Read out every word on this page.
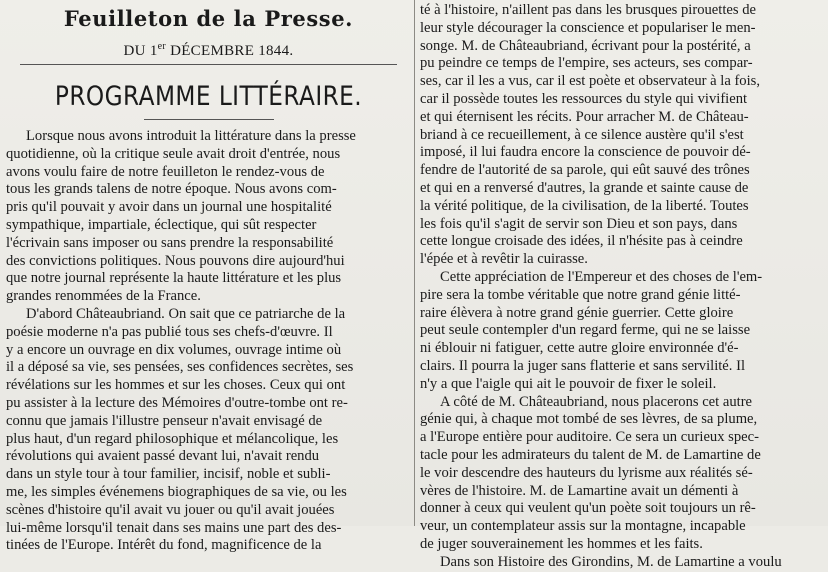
Feuilleton de la Presse.
DU 1er DÉCEMBRE 1844.
PROGRAMME LITTÉRAIRE.
Lorsque nous avons introduit la littérature dans la presse
quotidienne, où la critique seule avait droit d'entrée, nous
avons voulu faire de notre feuilleton le rendez-vous de
tous les grands talens de notre époque. Nous avons com-
pris qu'il pouvait y avoir dans un journal une hospitalité
sympathique, impartiale, éclectique, qui sût respecter
l'écrivain sans imposer ou sans prendre la responsabilité
des convictions politiques. Nous pouvons dire aujourd'hui
que notre journal représente la haute littérature et les plus
grandes renommées de la France.
D'abord Châteaubriand. On sait que ce patriarche de la
poésie moderne n'a pas publié tous ses chefs-d'œuvre. Il
y a encore un ouvrage en dix volumes, ouvrage intime où
il a déposé sa vie, ses pensées, ses confidences secrètes, ses
révélations sur les hommes et sur les choses. Ceux qui ont
pu assister à la lecture des Mémoires d'outre-tombe ont re-
connu que jamais l'illustre penseur n'avait envisagé de
plus haut, d'un regard philosophique et mélancolique, les
révolutions qui avaient passé devant lui, n'avait rendu
dans un style tour à tour familier, incisif, noble et subli-
me, les simples événemens biographiques de sa vie, ou les
scènes d'histoire qu'il avait vu jouer ou qu'il avait jouées
lui-même lorsqu'il tenait dans ses mains une part des des-
tinées de l'Europe. Intérêt du fond, magnificence de la
té à l'histoire, n'aillent pas dans les brusques pirouettes de
leur style décourager la conscience et populariser le men-
songe. M. de Châteaubriand, écrivant pour la postérité, a
pu peindre ce temps de l'empire, ses acteurs, ses compar-
ses, car il les a vus, car il est poète et observateur à la fois,
car il possède toutes les ressources du style qui vivifient
et qui éternisent les récits. Pour arracher M. de Château-
briand à ce recueillement, à ce silence austère qu'il s'est
imposé, il lui faudra encore la conscience de pouvoir dé-
fendre de l'autorité de sa parole, qui eût sauvé des trônes
et qui en a renversé d'autres, la grande et sainte cause de
la vérité politique, de la civilisation, de la liberté. Toutes
les fois qu'il s'agit de servir son Dieu et son pays, dans
cette longue croisade des idées, il n'hésite pas à ceindre
l'épée et à revêtir la cuirasse.
Cette appréciation de l'Empereur et des choses de l'em-
pire sera la tombe véritable que notre grand génie litté-
raire élèvera à notre grand génie guerrier. Cette gloire
peut seule contempler d'un regard ferme, qui ne se laisse
ni éblouir ni fatiguer, cette autre gloire environnée d'é-
clairs. Il pourra la juger sans flatterie et sans servilité. Il
n'y a que l'aigle qui ait le pouvoir de fixer le soleil.
A côté de M. Châteaubriand, nous placerons cet autre
génie qui, à chaque mot tombé de ses lèvres, de sa plume,
a l'Europe entière pour auditoire. Ce sera un curieux spec-
tacle pour les admirateurs du talent de M. de Lamartine de
le voir descendre des hauteurs du lyrisme aux réalités sé-
vères de l'histoire. M. de Lamartine avait un démenti à
donner à ceux qui veulent qu'un poète soit toujours un rê-
veur, un contemplateur assis sur la montagne, incapable
de juger souverainement les hommes et les faits.
Dans son Histoire des Girondins, M. de Lamartine a voulu
